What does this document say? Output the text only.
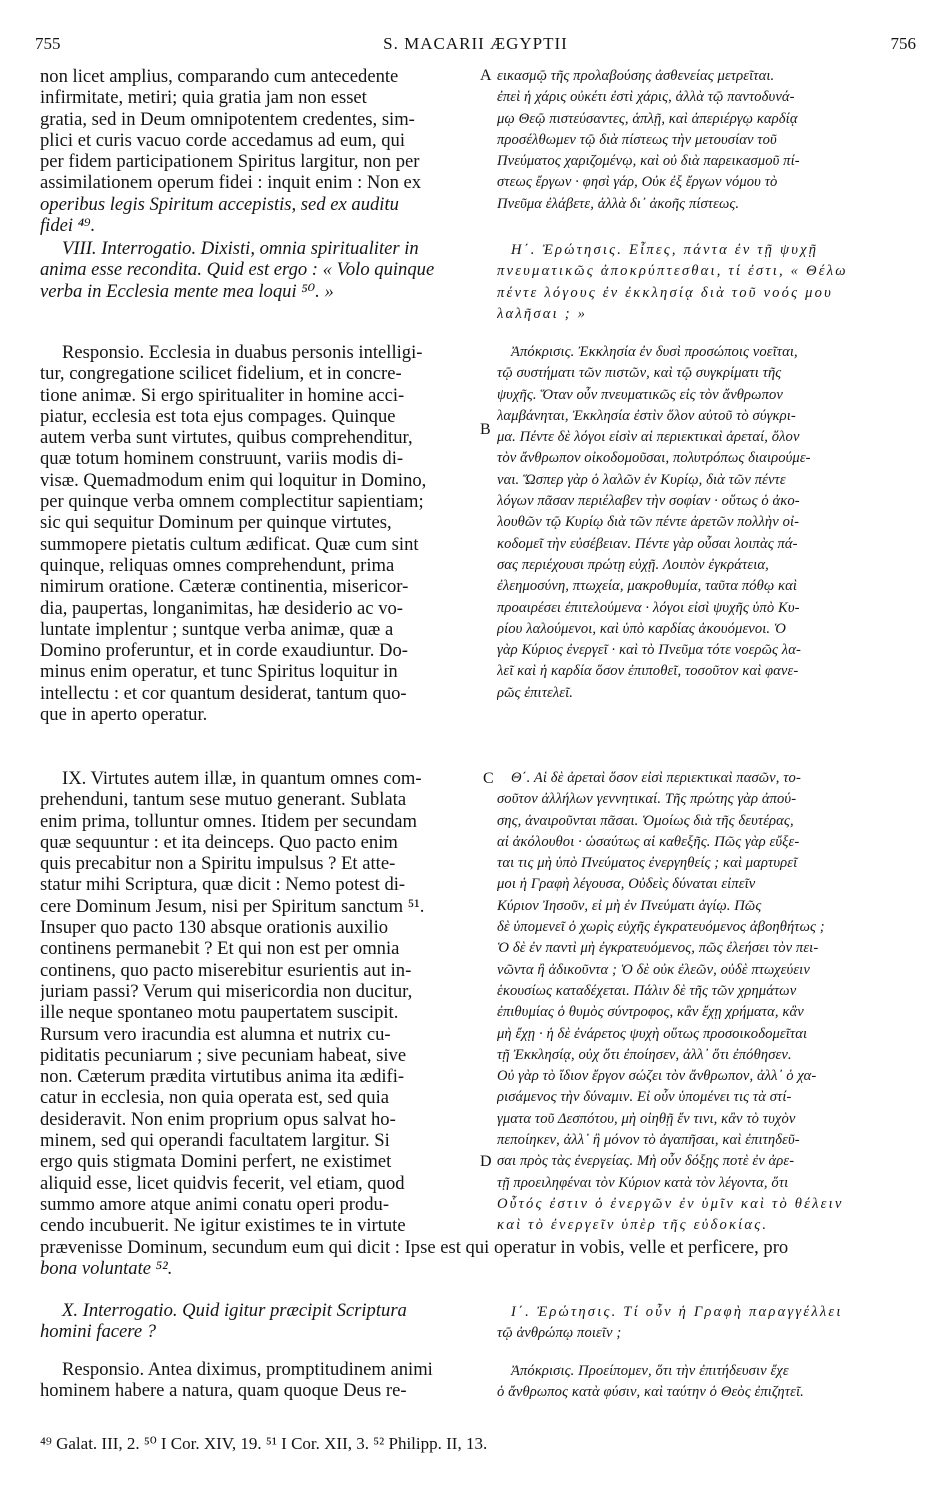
755	S. MACARII ÆGYPTII	756
A
B
C
D

non licet amplius, comparando cum antecedente

infirmitate, metiri; quia gratia jam non esset

gratia, sed in Deum omnipotentem credentes, sim-

plici et curis vacuo corde accedamus ad eum, qui

per fidem participationem Spiritus largitur, non per

assimilationem operum fidei : inquit enim : Non ex

operibus legis Spiritum accepistis, sed ex auditu

fidei ⁴⁹.

VIII. Interrogatio. Dixisti, omnia spiritualiter in

anima esse recondita. Quid est ergo : « Volo quinque

verba in Ecclesia mente mea loqui ⁵⁰. »

Responsio. Ecclesia in duabus personis intelligi-

tur, congregatione scilicet fidelium, et in concre-

tione animæ. Si ergo spiritualiter in homine acci-

piatur, ecclesia est tota ejus compages. Quinque

autem verba sunt virtutes, quibus comprehenditur,

quæ totum hominem construunt, variis modis di-

visæ. Quemadmodum enim qui loquitur in Domino,

per quinque verba omnem complectitur sapientiam;

sic qui sequitur Dominum per quinque virtutes,

summopere pietatis cultum ædificat. Quæ cum sint

quinque, reliquas omnes comprehendunt, prima

nimirum oratione. Cæteræ continentia, misericor-

dia, paupertas, longanimitas, hæ desiderio ac vo-

luntate implentur ; suntque verba animæ, quæ a

Domino proferuntur, et in corde exaudiuntur. Do-

minus enim operatur, et tunc Spiritus loquitur in

intellectu : et cor quantum desiderat, tantum quo-

que in aperto operatur.

IX. Virtutes autem illæ, in quantum omnes com-

prehenduni, tantum sese mutuo generant. Sublata

enim prima, tolluntur omnes. Itidem per secundam

quæ sequuntur : et ita deinceps. Quo pacto enim

quis precabitur non a Spiritu impulsus ? Et atte-

statur mihi Scriptura, quæ dicit : Nemo potest di-

cere Dominum Jesum, nisi per Spiritum sanctum ⁵¹.

Insuper quo pacto 130 absque orationis auxilio

continens permanebit ? Et qui non est per omnia

continens, quo pacto miserebitur esurientis aut in-

juriam passi? Verum qui misericordia non ducitur,

ille neque spontaneo motu paupertatem suscipit.

Rursum vero iracundia est alumna et nutrix cu-

piditatis pecuniarum ; sive pecuniam habeat, sive

non. Cæterum prædita virtutibus anima ita ædifi-

catur in ecclesia, non quia operata est, sed quia

desideravit. Non enim proprium opus salvat ho-

minem, sed qui operandi facultatem largitur. Si

ergo quis stigmata Domini perfert, ne existimet

aliquid esse, licet quidvis fecerit, vel etiam, quod

summo amore atque animi conatu operi produ-

cendo incubuerit. Ne igitur existimes te in virtute

prævenisse Dominum, secundum eum qui dicit : Ipse est qui operatur in vobis, velle et perficere, pro

bona voluntate ⁵².

X. Interrogatio. Quid igitur præcipit Scriptura

homini facere ?

Responsio. Antea diximus, promptitudinem animi

hominem habere a natura, quam quoque Deus re-

εικασμῷ τῆς προλαβούσης ἀσθενείας μετρεῖται.

ἐπεὶ ἡ χάρις οὐκέτι ἐστὶ χάρις, ἀλλὰ τῷ παντοδυνά-

μῳ Θεῷ πιστεύσαντες, ἁπλῇ, καὶ ἀπεριέργῳ καρδίᾳ

προσέλθωμεν τῷ διὰ πίστεως τὴν μετουσίαν τοῦ

Πνεύματος χαριζομένῳ, καὶ οὐ διὰ παρεικασμοῦ πί-

στεως ἔργων · φησὶ γάρ, Οὐκ ἐξ ἔργων νόμου τὸ

Πνεῦμα ἐλάβετε, ἀλλὰ δι᾽ ἀκοῆς πίστεως.

Η΄. Ἐρώτησις. Εἶπες, πάντα ἐν τῇ ψυχῇ

πνευματικῶς ἀποκρύπτεσθαι, τί ἐστι, « Θέλω

πέντε λόγους ἐν ἐκκλησίᾳ διὰ τοῦ νοός μου

λαλῆσαι ; »

Ἀπόκρισις. Ἐκκλησία ἐν δυσὶ προσώποις νοεῖται,

τῷ συστήματι τῶν πιστῶν, καὶ τῷ συγκρίματι τῆς

ψυχῆς. Ὅταν οὖν πνευματικῶς εἰς τὸν ἄνθρωπον

λαμβάνηται, Ἐκκλησία ἐστὶν ὅλον αὐτοῦ τὸ σύγκρι-

μα. Πέντε δὲ λόγοι εἰσὶν αἱ περιεκτικαὶ ἀρεταί, ὅλον

τὸν ἄνθρωπον οἰκοδομοῦσαι, πολυτρόπως διαιρούμε-

ναι. Ὥσπερ γὰρ ὁ λαλῶν ἐν Κυρίῳ, διὰ τῶν πέντε

λόγων πᾶσαν περιέλαβεν τὴν σοφίαν · οὕτως ὁ ἀκο-

λουθῶν τῷ Κυρίῳ διὰ τῶν πέντε ἀρετῶν πολλὴν οἰ-

κοδομεῖ τὴν εὐσέβειαν. Πέντε γὰρ οὖσαι λοιπὰς πά-

σας περιέχουσι πρώτῃ εὐχῇ. Λοιπὸν ἐγκράτεια,

ἐλεημοσύνη, πτωχεία, μακροθυμία, ταῦτα πόθῳ καὶ

προαιρέσει ἐπιτελούμενα · λόγοι εἰσὶ ψυχῆς ὑπὸ Κυ-

ρίου λαλούμενοι, καὶ ὑπὸ καρδίας ἀκουόμενοι. Ὁ

γὰρ Κύριος ἐνεργεῖ · καὶ τὸ Πνεῦμα τότε νοερῶς λα-

λεῖ καὶ ἡ καρδία ὅσον ἐπιποθεῖ, τοσοῦτον καὶ φανε-

ρῶς ἐπιτελεῖ.

Θ΄. Αἱ δὲ ἀρεταὶ ὅσον εἰσὶ περιεκτικαὶ πασῶν, το-

σοῦτον ἀλλήλων γεννητικαί. Τῆς πρώτης γὰρ ἀπού-

σης, ἀναιροῦνται πᾶσαι. Ὁμοίως διὰ τῆς δευτέρας,

αἱ ἀκόλουθοι · ὡσαύτως αἱ καθεξῆς. Πῶς γὰρ εὔξε-

ται τις μὴ ὑπὸ Πνεύματος ἐνεργηθείς ; καὶ μαρτυρεῖ

μοι ἡ Γραφὴ λέγουσα, Οὐδεὶς δύναται εἰπεῖν

Κύριον Ἰησοῦν, εἰ μὴ ἐν Πνεύματι ἁγίῳ. Πῶς

δὲ ὑπομενεῖ ὁ χωρὶς εὐχῆς ἐγκρατευόμενος ἀβοηθήτως ;

Ὁ δὲ ἐν παντὶ μὴ ἐγκρατευόμενος, πῶς ἐλεήσει τὸν πει-

νῶντα ἢ ἀδικοῦντα ; Ὁ δὲ οὐκ ἐλεῶν, οὐδὲ πτωχεύειν

ἑκουσίως καταδέχεται. Πάλιν δὲ τῆς τῶν χρημάτων

ἐπιθυμίας ὁ θυμὸς σύντροφος, κἂν ἔχῃ χρήματα, κἂν

μὴ ἔχῃ · ἡ δὲ ἐνάρετος ψυχὴ οὕτως προσοικοδομεῖται

τῇ Ἐκκλησίᾳ, οὐχ ὅτι ἐποίησεν, ἀλλ᾽ ὅτι ἐπόθησεν.

Οὐ γὰρ τὸ ἴδιον ἔργον σώζει τὸν ἄνθρωπον, ἀλλ᾽ ὁ χα-

ρισάμενος τὴν δύναμιν. Εἰ οὖν ὑπομένει τις τὰ στί-

γματα τοῦ Δεσπότου, μὴ οἰηθῇ ἔν τινι, κἂν τὸ τυχὸν

πεποίηκεν, ἀλλ᾽ ἢ μόνον τὸ ἀγαπῆσαι, καὶ ἐπιτηδεῦ-

σαι πρὸς τὰς ἐνεργείας. Μὴ οὖν δόξῃς ποτὲ ἐν ἀρε-

τῇ προειληφέναι τὸν Κύριον κατὰ τὸν λέγοντα, ὅτι

Οὗτός ἐστιν ὁ ἐνεργῶν ἐν ὑμῖν καὶ τὸ θέλειν

καὶ τὸ ἐνεργεῖν ὑπὲρ τῆς εὐδοκίας.

Ι΄. Ἐρώτησις. Τί οὖν ἡ Γραφὴ παραγγέλλει

τῷ ἀνθρώπῳ ποιεῖν ;

Ἀπόκρισις. Προείπομεν, ὅτι τὴν ἐπιτήδευσιν ἔχε

ὁ ἄνθρωπος κατὰ φύσιν, καὶ ταύτην ὁ Θεὸς ἐπιζητεῖ.

⁴⁹ Galat. III, 2. ⁵⁰ I Cor. XIV, 19. ⁵¹ I Cor. XII, 3. ⁵² Philipp. II, 13.
